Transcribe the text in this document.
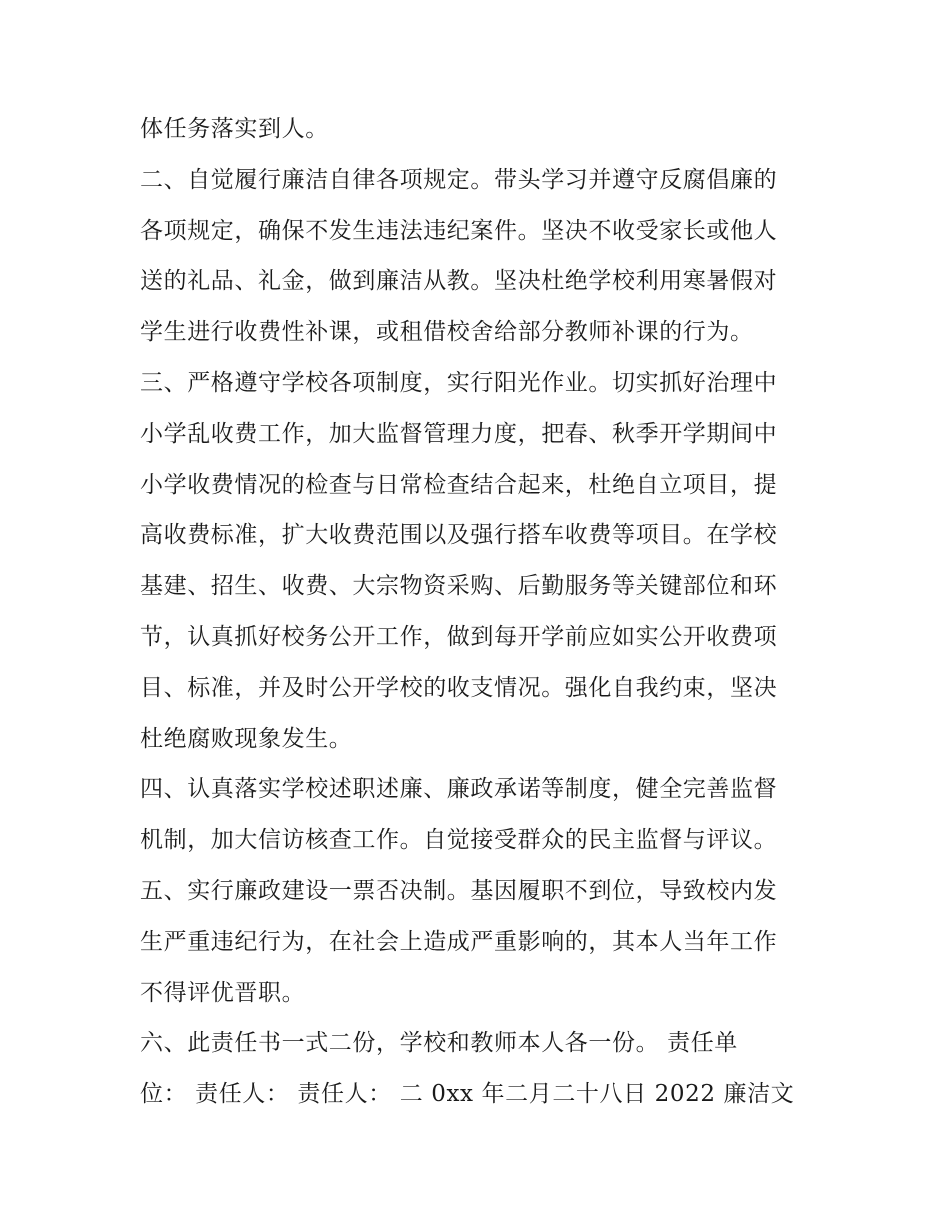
体任务落实到人。
二、自觉履行廉洁自律各项规定。带头学习并遵守反腐倡廉的
各项规定，确保不发生违法违纪案件。坚决不收受家长或他人
送的礼品、礼金，做到廉洁从教。坚决杜绝学校利用寒暑假对
学生进行收费性补课，或租借校舍给部分教师补课的行为。
三、严格遵守学校各项制度，实行阳光作业。切实抓好治理中
小学乱收费工作，加大监督管理力度，把春、秋季开学期间中
小学收费情况的检查与日常检查结合起来，杜绝自立项目，提
高收费标准，扩大收费范围以及强行搭车收费等项目。在学校
基建、招生、收费、大宗物资采购、后勤服务等关键部位和环
节，认真抓好校务公开工作，做到每开学前应如实公开收费项
目、标准，并及时公开学校的收支情况。强化自我约束，坚决
杜绝腐败现象发生。
四、认真落实学校述职述廉、廉政承诺等制度，健全完善监督
机制，加大信访核查工作。自觉接受群众的民主监督与评议。
五、实行廉政建设一票否决制。基因履职不到位，导致校内发
生严重违纪行为，在社会上造成严重影响的，其本人当年工作
不得评优晋职。
六、此责任书一式二份，学校和教师本人各一份。 责任单
位： 责任人： 责任人： 二 0xx 年二月二十八日 2022 廉洁文
